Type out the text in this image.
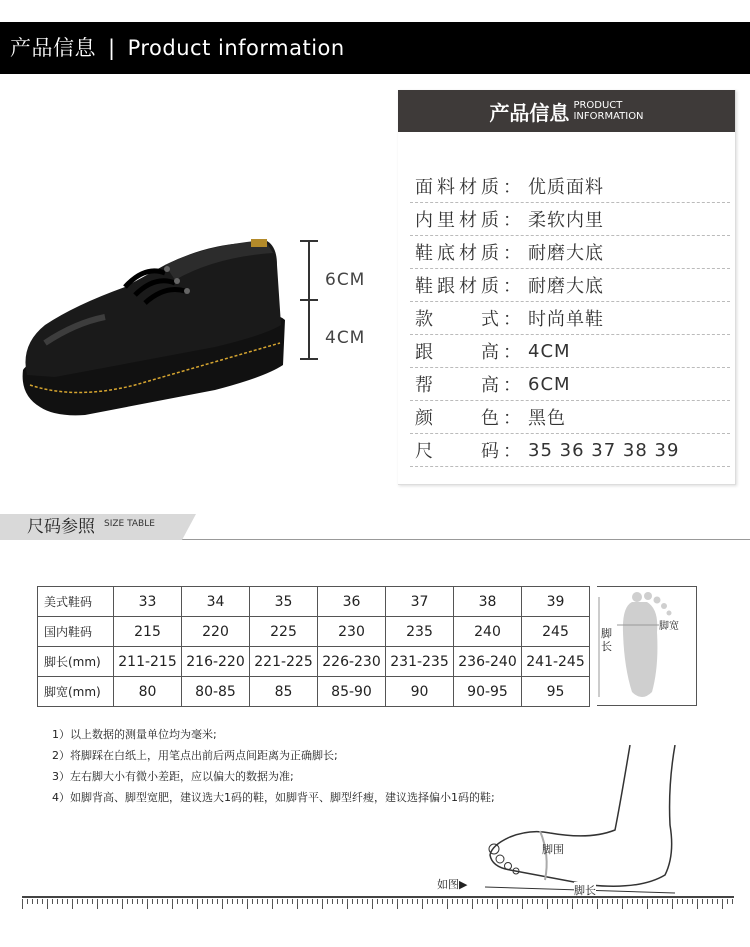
产品信息 | Product information
6CM
4CM
产品信息 PRODUCT
INFORMATION
面料材质： 优质面料
内里材质： 柔软内里
鞋底材质： 耐磨大底
鞋跟材质： 耐磨大底
款　　式： 时尚单鞋
跟　　高： 4CM
帮　　高： 6CM
颜　　色： 黑色
尺　　码： 35 36 37 38 39
尺码参照 SIZE TABLE
美式鞋码	33	34	35	36	37	38	39
国内鞋码	215	220	225	230	235	240	245
脚长(mm)	211-215	216-220	221-225	226-230	231-235	236-240	241-245
脚宽(mm)	80	80-85	85	85-90	90	90-95	95
脚长
脚宽
1）以上数据的测量单位均为毫米;
2）将脚踩在白纸上，用笔点出前后两点间距离为正确脚长;
3）左右脚大小有微小差距，应以偏大的数据为准;
4）如脚背高、脚型宽肥，建议选大1码的鞋，如脚背平、脚型纤瘦，建议选择偏小1码的鞋;
脚围
脚长
如图▶
